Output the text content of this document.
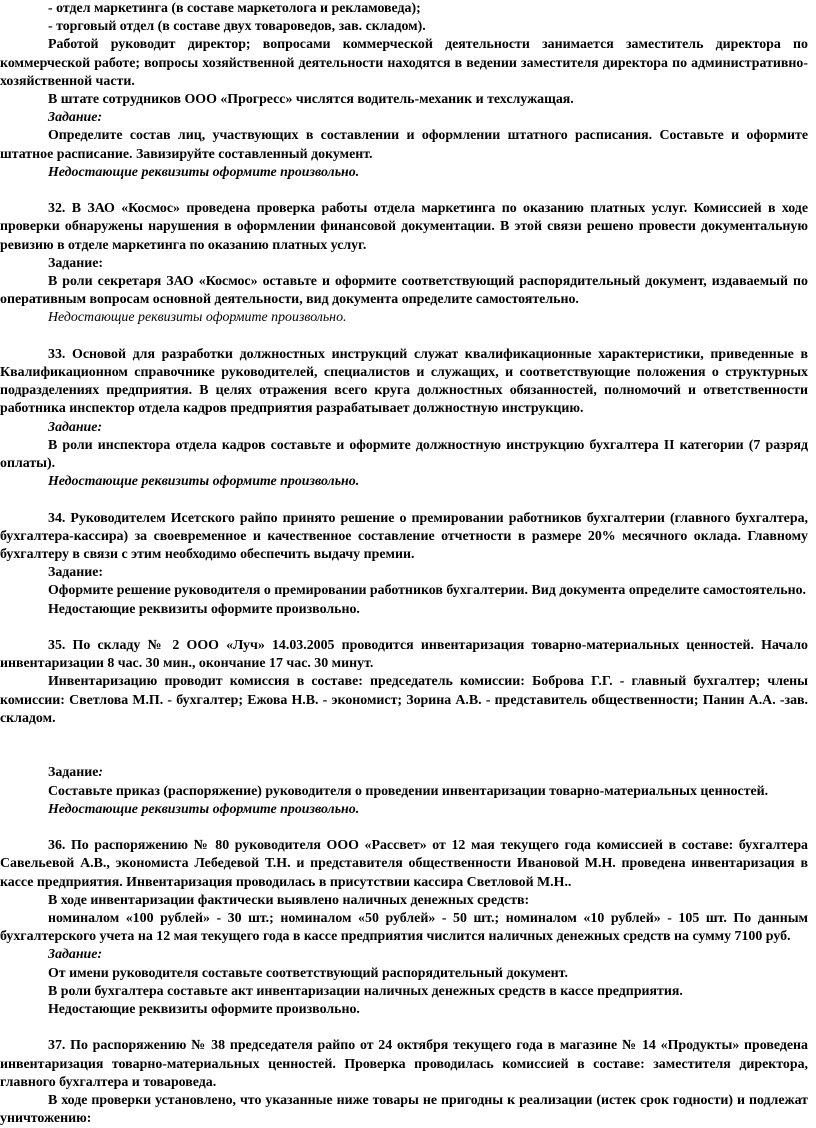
- отдел маркетинга (в составе маркетолога и рекламоведа);

- торговый отдел (в составе двух товароведов, зав. складом).

Работой руководит директор; вопросами коммерческой деятельности занимается заместитель директора по коммерческой работе; вопросы хозяйственной деятельности находятся в ведении заместителя директора по административно-хозяйственной части.

В штате сотрудников ООО «Прогресс» числятся водитель-механик и техслужащая.

Задание:

Определите состав лиц, участвующих в составлении и оформлении штатного расписания. Составьте и оформите штатное расписание. Завизируйте составленный документ.

Недостающие реквизиты оформите произвольно.

32. В ЗАО «Космос» проведена проверка работы отдела маркетинга по оказанию платных услуг. Комиссией в ходе проверки обнаружены нарушения в оформлении финансовой документации. В этой связи решено провести документальную ревизию в отделе маркетинга по оказанию платных услуг.

Задание:

В роли секретаря ЗАО «Космос» оставьте и оформите соответствующий распорядительный документ, издаваемый по оперативным вопросам основной деятельности, вид документа определите самостоятельно.

Недостающие реквизиты оформите произвольно.

33. Основой для разработки должностных инструкций служат квалификационные характеристики, приведенные в Квалификационном справочнике руководителей, специалистов и служащих, и соответствующие положения о структурных подразделениях предприятия. В целях отражения всего круга должностных обязанностей, полномочий и ответственности работника инспектор отдела кадров предприятия разрабатывает должностную инструкцию.

Задание:

В роли инспектора отдела кадров составьте и оформите должностную инструкцию бухгалтера II категории (7 разряд оплаты).

Недостающие реквизиты оформите произвольно.

34. Руководителем Исетского райпо принято решение о премировании работников бухгалтерии (главного бухгалтера, бухгалтера-кассира) за своевременное и качественное составление отчетности в размере 20% месячного оклада. Главному бухгалтеру в связи с этим необходимо обеспечить выдачу премии.

Задание:

Оформите решение руководителя о премировании работников бухгалтерии. Вид документа определите самостоятельно.

Недостающие реквизиты оформите произвольно.

35. По складу № 2 ООО «Луч» 14.03.2005 проводится инвентаризация товарно-материальных ценностей. Начало инвентаризации 8 час. 30 мин., окончание 17 час. 30 минут.

Инвентаризацию проводит комиссия в составе: председатель комиссии: Боброва Г.Г. - главный бухгалтер; члены комиссии: Светлова М.П. - бухгалтер; Ежова Н.В. - экономист; Зорина А.В. - представитель общественности; Панин А.А. -зав. складом.

Задание:

Составьте приказ (распоряжение) руководителя о проведении инвентаризации товарно-материальных ценностей.

Недостающие реквизиты оформите произвольно.

36. По распоряжению № 80 руководителя ООО «Рассвет» от 12 мая текущего года комиссией в составе: бухгалтера Савельевой А.В., экономиста Лебедевой Т.Н. и представителя общественности Ивановой М.Н. проведена инвентаризация в кассе предприятия. Инвентаризация проводилась в присутствии кассира Светловой М.Н..

В ходе инвентаризации фактически выявлено наличных денежных средств:

номиналом «100 рублей» - 30 шт.; номиналом «50 рублей» - 50 шт.; номиналом «10 рублей» - 105 шт. По данным бухгалтерского учета на 12 мая текущего года в кассе предприятия числится наличных денежных средств на сумму 7100 руб.

Задание:

От имени руководителя составьте соответствующий распорядительный документ.

В роли бухгалтера составьте акт инвентаризации наличных денежных средств в кассе предприятия.

Недостающие реквизиты оформите произвольно.

37. По распоряжению № 38 председателя райпо от 24 октября текущего года в магазине № 14 «Продукты» проведена инвентаризация товарно-материальных ценностей. Проверка проводилась комиссией в составе: заместителя директора, главного бухгалтера и товароведа.

В ходе проверки установлено, что указанные ниже товары не пригодны к реализации (истек срок годности) и подлежат уничтожению:
